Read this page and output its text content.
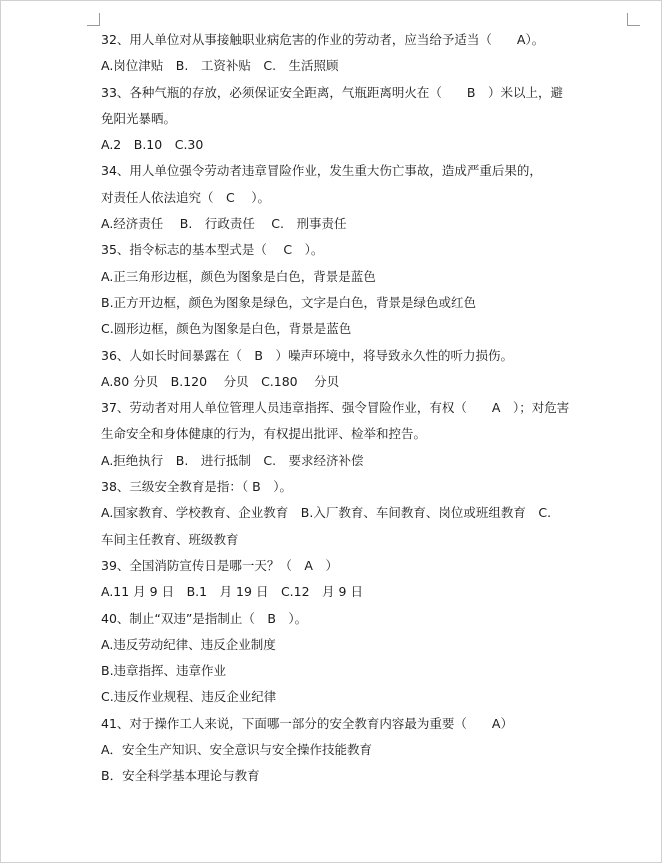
32、用人单位对从事接触职业病危害的作业的劳动者，应当给予适当（　　A）。
A.岗位津贴　B.　工资补贴　C.　生活照顾
33、各种气瓶的存放，必须保证安全距离，气瓶距离明火在（　　B　）米以上，避
免阳光暴晒。
A.2　B.10　C.30
34、用人单位强令劳动者违章冒险作业，发生重大伤亡事故，造成严重后果的，
对责任人依法追究（　C　 ）。
A.经济责任　 B.　行政责任　 C.　刑事责任
35、指令标志的基本型式是（　 C　）。
A.正三角形边框，颜色为图象是白色，背景是蓝色
B.正方开边框，颜色为图象是绿色，文字是白色，背景是绿色或红色
C.圆形边框，颜色为图象是白色，背景是蓝色
36、人如长时间暴露在（　B　）噪声环境中，将导致永久性的听力损伤。
A.80 分贝　B.120　 分贝　C.180　 分贝
37、劳动者对用人单位管理人员违章指挥、强令冒险作业，有权（　　A　）；对危害
生命安全和身体健康的行为，有权提出批评、检举和控告。
A.拒绝执行　B.　进行抵制　C.　要求经济补偿
38、三级安全教育是指：（ B　）。
A.国家教育、学校教育、企业教育　B.入厂教育、车间教育、岗位或班组教育　C.
车间主任教育、班级教育
39、全国消防宣传日是哪一天？（　A　）
A.11 月 9 日　B.1　月 19 日　C.12　月 9 日
40、制止“双违”是指制止（　B　）。
A.违反劳动纪律、违反企业制度
B.违章指挥、违章作业
C.违反作业规程、违反企业纪律
41、对于操作工人来说，下面哪一部分的安全教育内容最为重要（　　A）
A．安全生产知识、安全意识与安全操作技能教育
B．安全科学基本理论与教育
